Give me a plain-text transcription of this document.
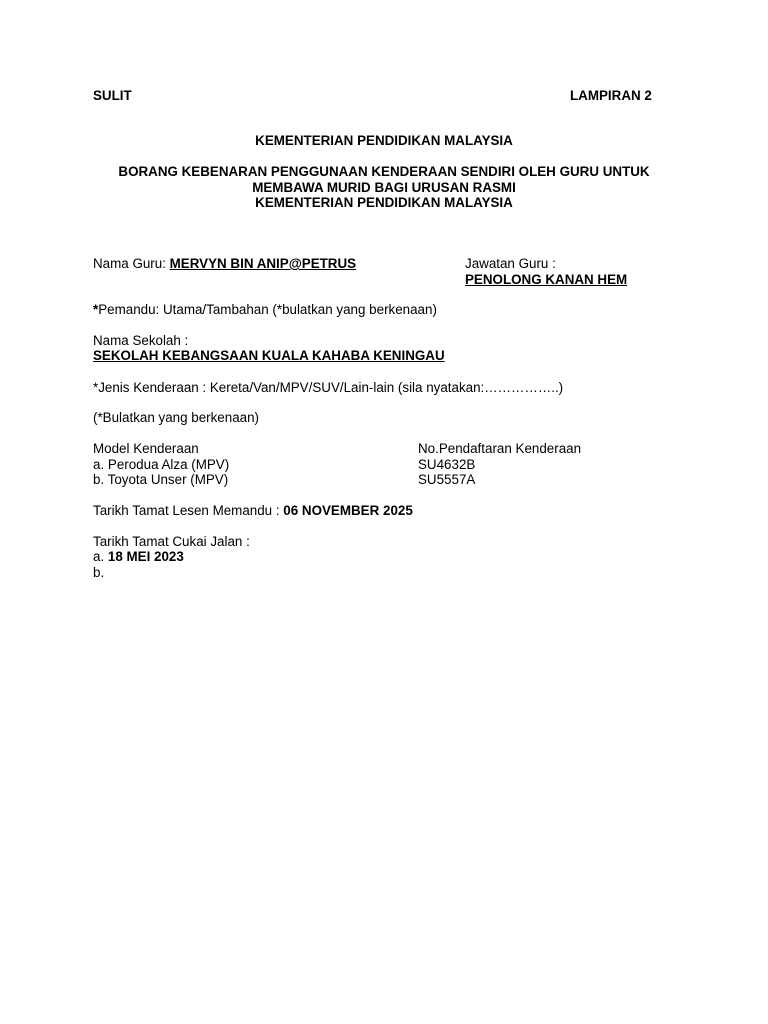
SULIT	LAMPIRAN 2
KEMENTERIAN PENDIDIKAN MALAYSIA
BORANG KEBENARAN PENGGUNAAN KENDERAAN SENDIRI OLEH GURU UNTUK
MEMBAWA MURID BAGI URUSAN RASMI
KEMENTERIAN PENDIDIKAN MALAYSIA
Nama Guru: MERVYN BIN ANIP@PETRUS	Jawatan Guru :
PENOLONG KANAN HEM
*Pemandu: Utama/Tambahan (*bulatkan yang berkenaan)
Nama Sekolah :
SEKOLAH KEBANGSAAN KUALA KAHABA KENINGAU
*Jenis Kenderaan : Kereta/Van/MPV/SUV/Lain-lain (sila nyatakan:……………..)
(*Bulatkan yang berkenaan)
Model Kenderaan	No.Pendaftaran Kenderaan
a. Perodua Alza (MPV)	SU4632B
b. Toyota Unser (MPV)	SU5557A
Tarikh Tamat Lesen Memandu : 06 NOVEMBER 2025
Tarikh Tamat Cukai Jalan :
a. 18 MEI 2023
b.
